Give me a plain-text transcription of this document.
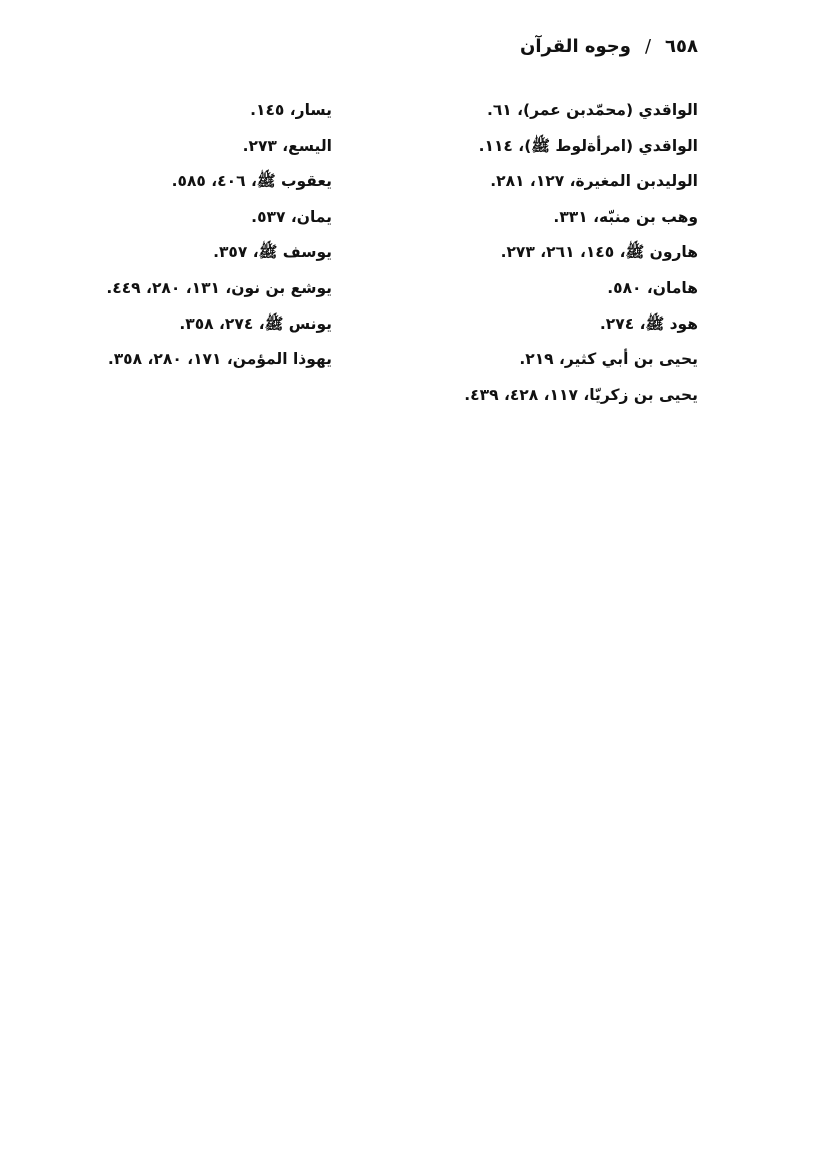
٦٥٨
/
وجوه القرآن
الواقدي (محمّدبن عمر)، ٦١.
الواقدي (امرأةلوط ﷺ)، ١١٤.
الوليدبن المغيرة، ١٢٧، ٢٨١.
وهب بن منبّه، ٣٣١.
هارون ﷺ، ١٤٥، ٢٦١، ٢٧٣.
هامان، ٥٨٠.
هود ﷺ، ٢٧٤.
يحيى بن أبي كثير، ٢١٩.
يحيى بن زكريّا، ١١٧، ٤٢٨، ٤٣٩.
يسار، ١٤٥.
اليسع، ٢٧٣.
يعقوب ﷺ، ٤٠٦، ٥٨٥.
يمان، ٥٣٧.
يوسف ﷺ، ٣٥٧.
يوشع بن نون، ١٣١، ٢٨٠، ٤٤٩.
يونس ﷺ، ٢٧٤، ٣٥٨.
يهوذا المؤمن، ١٧١، ٢٨٠، ٣٥٨.
